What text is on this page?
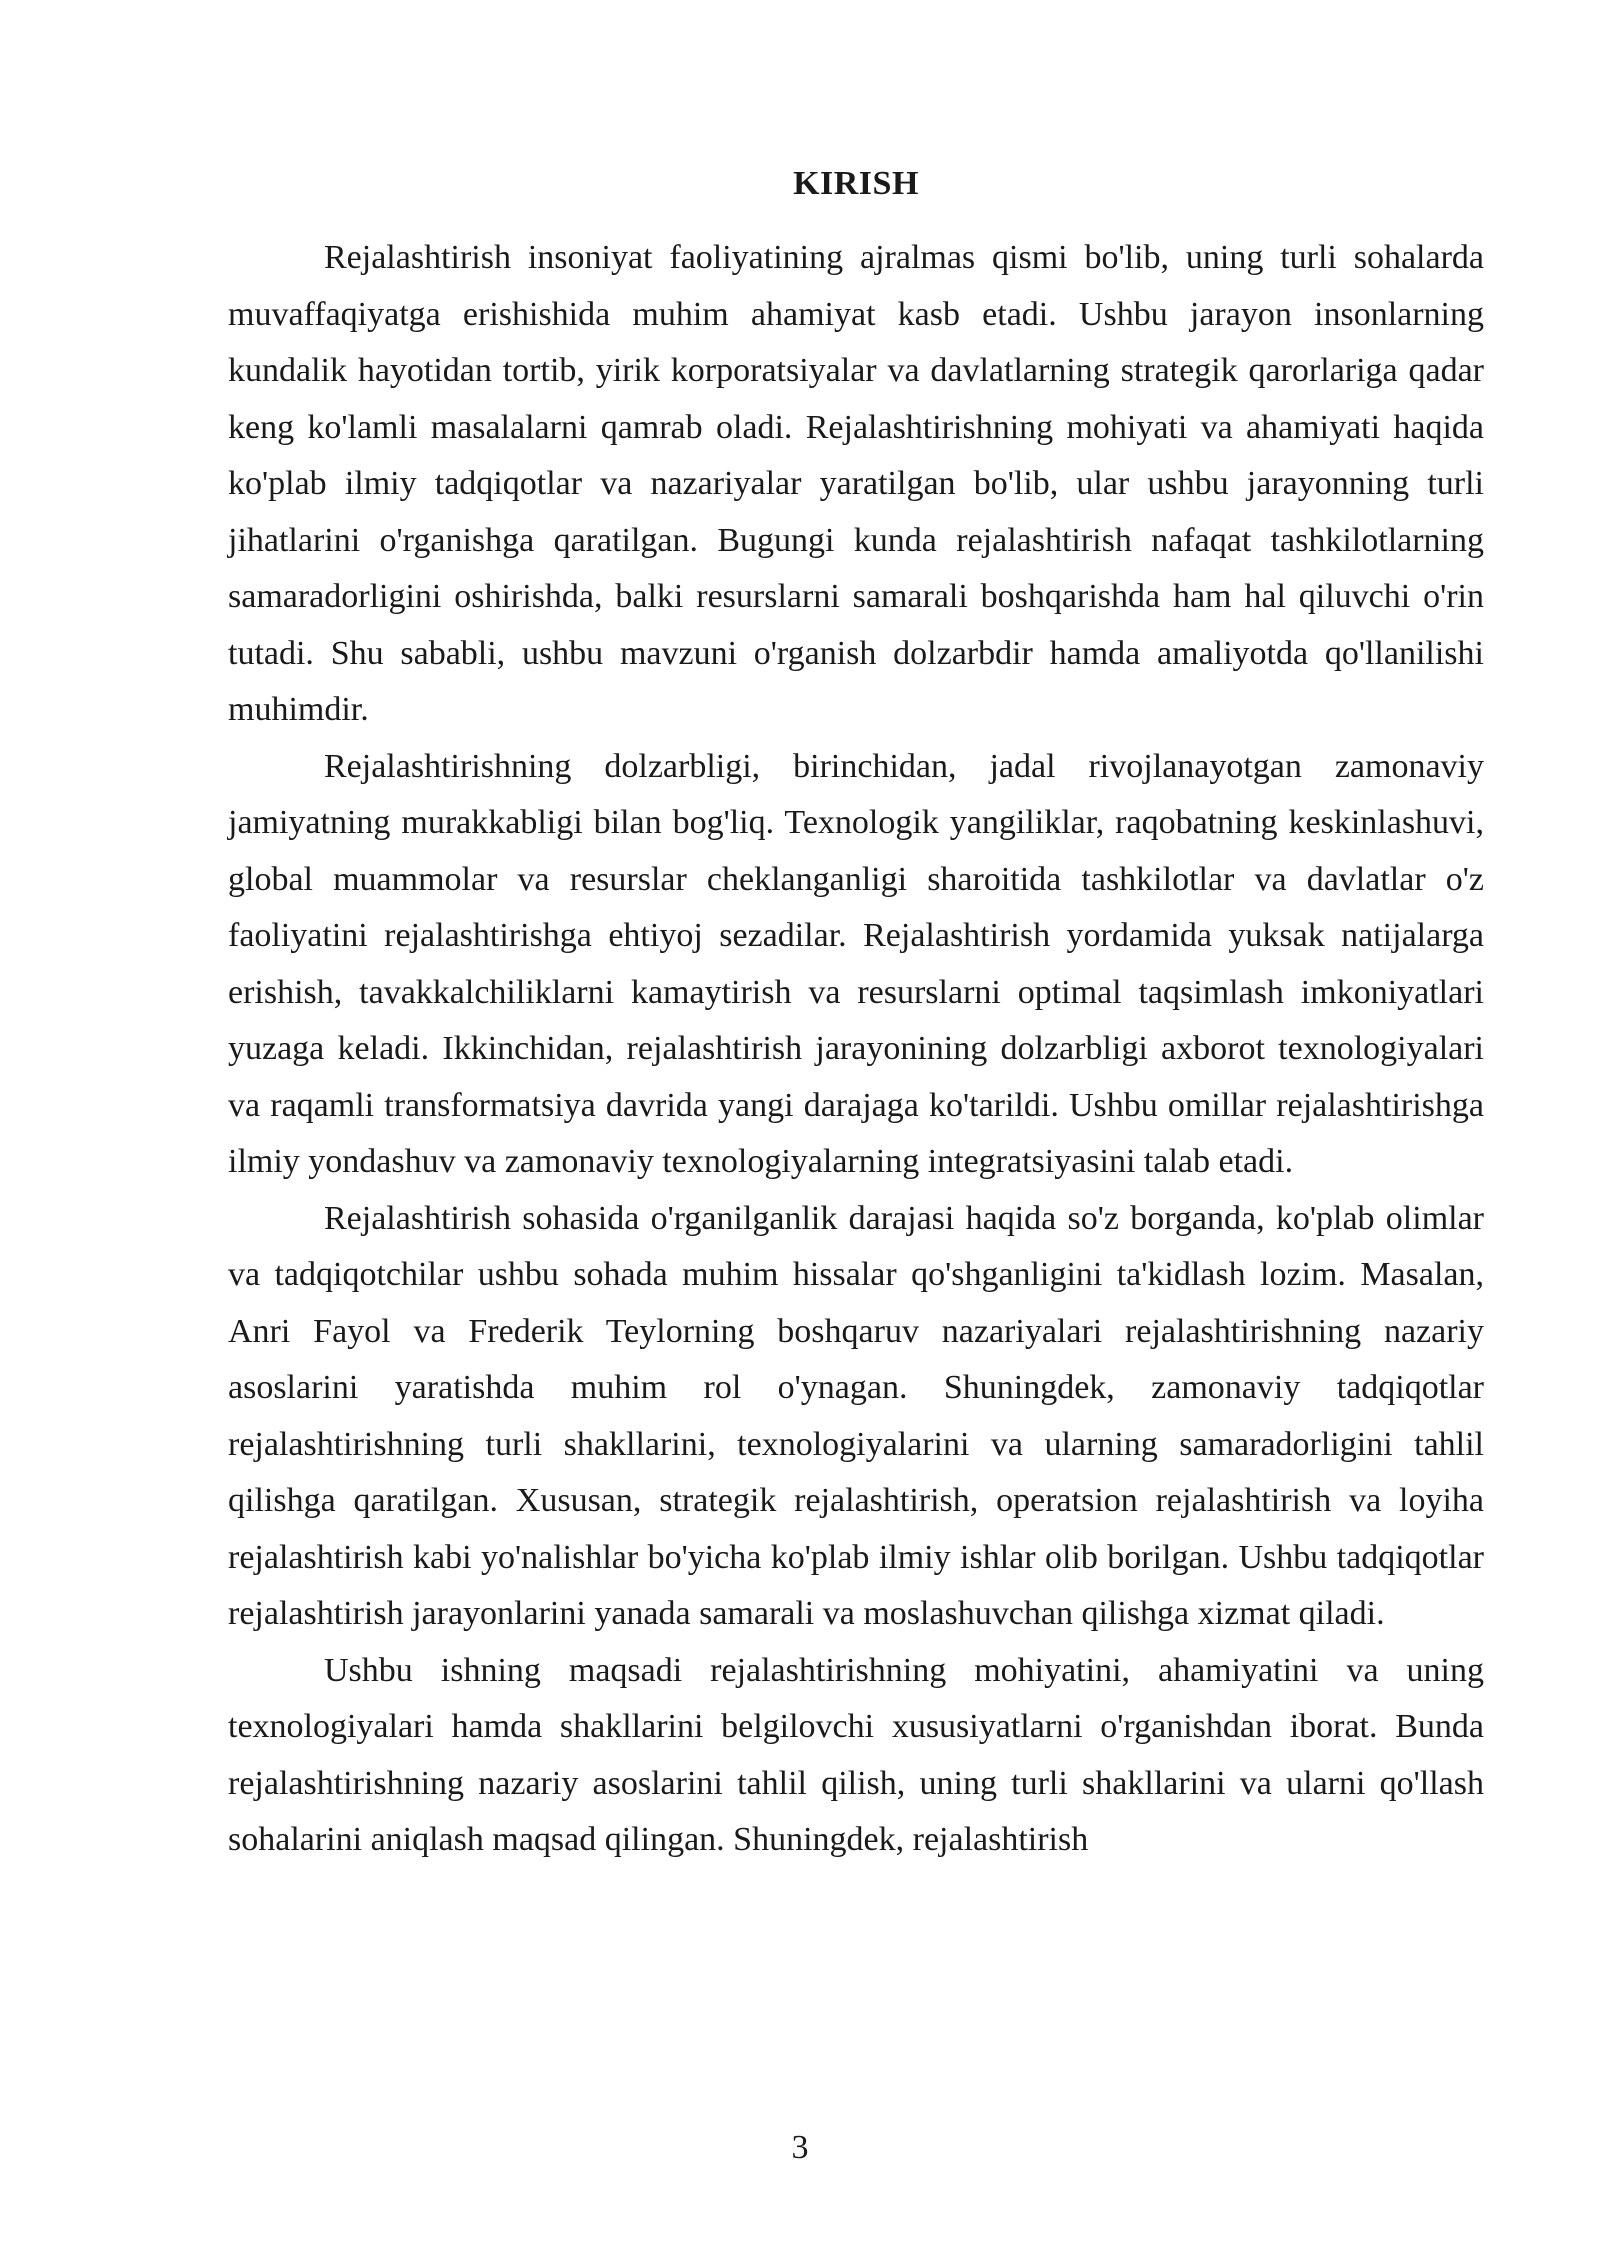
KIRISH

Rejalashtirish insoniyat faoliyatining ajralmas qismi bo'lib, uning turli sohalarda muvaffaqiyatga erishishida muhim ahamiyat kasb etadi. Ushbu jarayon insonlarning kundalik hayotidan tortib, yirik korporatsiyalar va davlatlarning strategik qarorlariga qadar keng ko'lamli masalalarni qamrab oladi. Rejalashtirishning mohiyati va ahamiyati haqida ko'plab ilmiy tadqiqotlar va nazariyalar yaratilgan bo'lib, ular ushbu jarayonning turli jihatlarini o'rganishga qaratilgan. Bugungi kunda rejalashtirish nafaqat tashkilotlarning samaradorligini oshirishda, balki resurslarni samarali boshqarishda ham hal qiluvchi o'rin tutadi. Shu sababli, ushbu mavzuni o'rganish dolzarbdir hamda amaliyotda qo'llanilishi muhimdir.

Rejalashtirishning dolzarbligi, birinchidan, jadal rivojlanayotgan zamonaviy jamiyatning murakkabligi bilan bog'liq. Texnologik yangiliklar, raqobatning keskinlashuvi, global muammolar va resurslar cheklanganligi sharoitida tashkilotlar va davlatlar o'z faoliyatini rejalashtirishga ehtiyoj sezadilar. Rejalashtirish yordamida yuksak natijalarga erishish, tavakkalchiliklarni kamaytirish va resurslarni optimal taqsimlash imkoniyatlari yuzaga keladi. Ikkinchidan, rejalashtirish jarayonining dolzarbligi axborot texnologiyalari va raqamli transformatsiya davrida yangi darajaga ko'tarildi. Ushbu omillar rejalashtirishga ilmiy yondashuv va zamonaviy texnologiyalarning integratsiyasini talab etadi.

Rejalashtirish sohasida o'rganilganlik darajasi haqida so'z borganda, ko'plab olimlar va tadqiqotchilar ushbu sohada muhim hissalar qo'shganligini ta'kidlash lozim. Masalan, Anri Fayol va Frederik Teylorning boshqaruv nazariyalari rejalashtirishning nazariy asoslarini yaratishda muhim rol o'ynagan. Shuningdek, zamonaviy tadqiqotlar rejalashtirishning turli shakllarini, texnologiyalarini va ularning samaradorligini tahlil qilishga qaratilgan. Xususan, strategik rejalashtirish, operatsion rejalashtirish va loyiha rejalashtirish kabi yo'nalishlar bo'yicha ko'plab ilmiy ishlar olib borilgan. Ushbu tadqiqotlar rejalashtirish jarayonlarini yanada samarali va moslashuvchan qilishga xizmat qiladi.

Ushbu ishning maqsadi rejalashtirishning mohiyatini, ahamiyatini va uning texnologiyalari hamda shakllarini belgilovchi xususiyatlarni o'rganishdan iborat. Bunda rejalashtirishning nazariy asoslarini tahlil qilish, uning turli shakllarini va ularni qo'llash sohalarini aniqlash maqsad qilingan. Shuningdek, rejalashtirish

3
